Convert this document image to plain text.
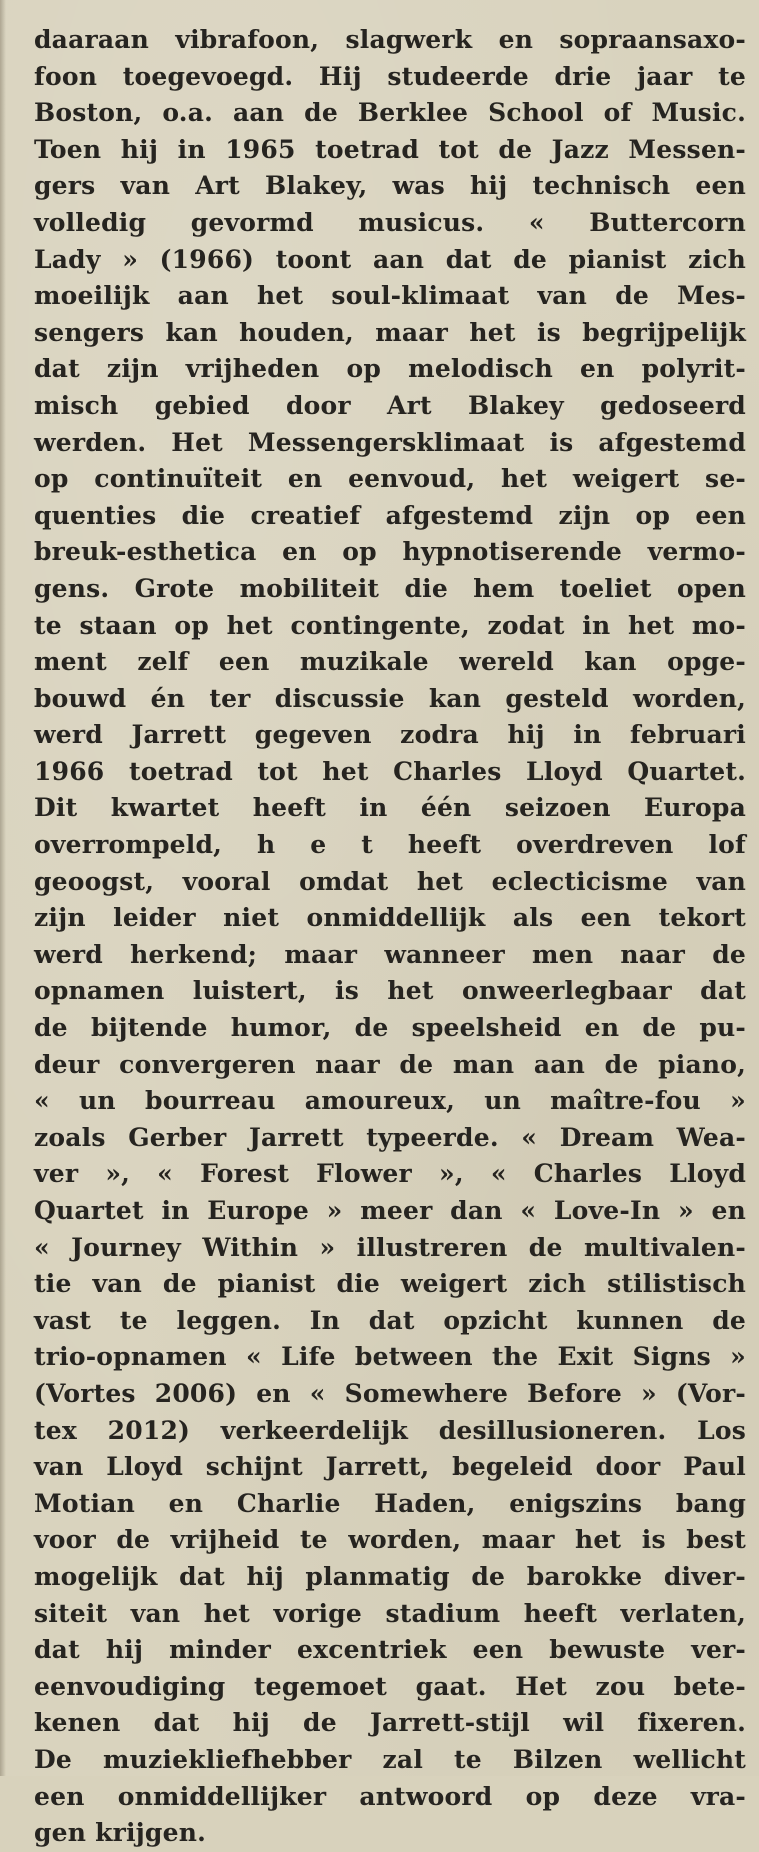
daaraan vibrafoon, slagwerk en sopraansaxo-
foon toegevoegd. Hij studeerde drie jaar te
Boston, o.a. aan de Berklee School of Music.
Toen hij in 1965 toetrad tot de Jazz Messen-
gers van Art Blakey, was hij technisch een
volledig gevormd musicus. « Buttercorn
Lady » (1966) toont aan dat de pianist zich
moeilijk aan het soul-klimaat van de Mes-
sengers kan houden, maar het is begrijpelijk
dat zijn vrijheden op melodisch en polyrit-
misch gebied door Art Blakey gedoseerd
werden. Het Messengersklimaat is afgestemd
op continuïteit en eenvoud, het weigert se-
quenties die creatief afgestemd zijn op een
breuk-esthetica en op hypnotiserende vermo-
gens. Grote mobiliteit die hem toeliet open
te staan op het contingente, zodat in het mo-
ment zelf een muzikale wereld kan opge-
bouwd én ter discussie kan gesteld worden,
werd Jarrett gegeven zodra hij in februari
1966 toetrad tot het Charles Lloyd Quartet.
Dit kwartet heeft in één seizoen Europa
overrompeld, h e t heeft overdreven lof
geoogst, vooral omdat het eclecticisme van
zijn leider niet onmiddellijk als een tekort
werd herkend; maar wanneer men naar de
opnamen luistert, is het onweerlegbaar dat
de bijtende humor, de speelsheid en de pu-
deur convergeren naar de man aan de piano,
« un bourreau amoureux, un maître-fou »
zoals Gerber Jarrett typeerde. « Dream Wea-
ver », « Forest Flower », « Charles Lloyd
Quartet in Europe » meer dan « Love-In » en
« Journey Within » illustreren de multivalen-
tie van de pianist die weigert zich stilistisch
vast te leggen. In dat opzicht kunnen de
trio-opnamen « Life between the Exit Signs »
(Vortes 2006) en « Somewhere Before » (Vor-
tex 2012) verkeerdelijk desillusioneren. Los
van Lloyd schijnt Jarrett, begeleid door Paul
Motian en Charlie Haden, enigszins bang
voor de vrijheid te worden, maar het is best
mogelijk dat hij planmatig de barokke diver-
siteit van het vorige stadium heeft verlaten,
dat hij minder excentriek een bewuste ver-
eenvoudiging tegemoet gaat. Het zou bete-
kenen dat hij de Jarrett-stijl wil fixeren.
De muziekliefhebber zal te Bilzen wellicht
een onmiddellijker antwoord op deze vra-
gen krijgen.
